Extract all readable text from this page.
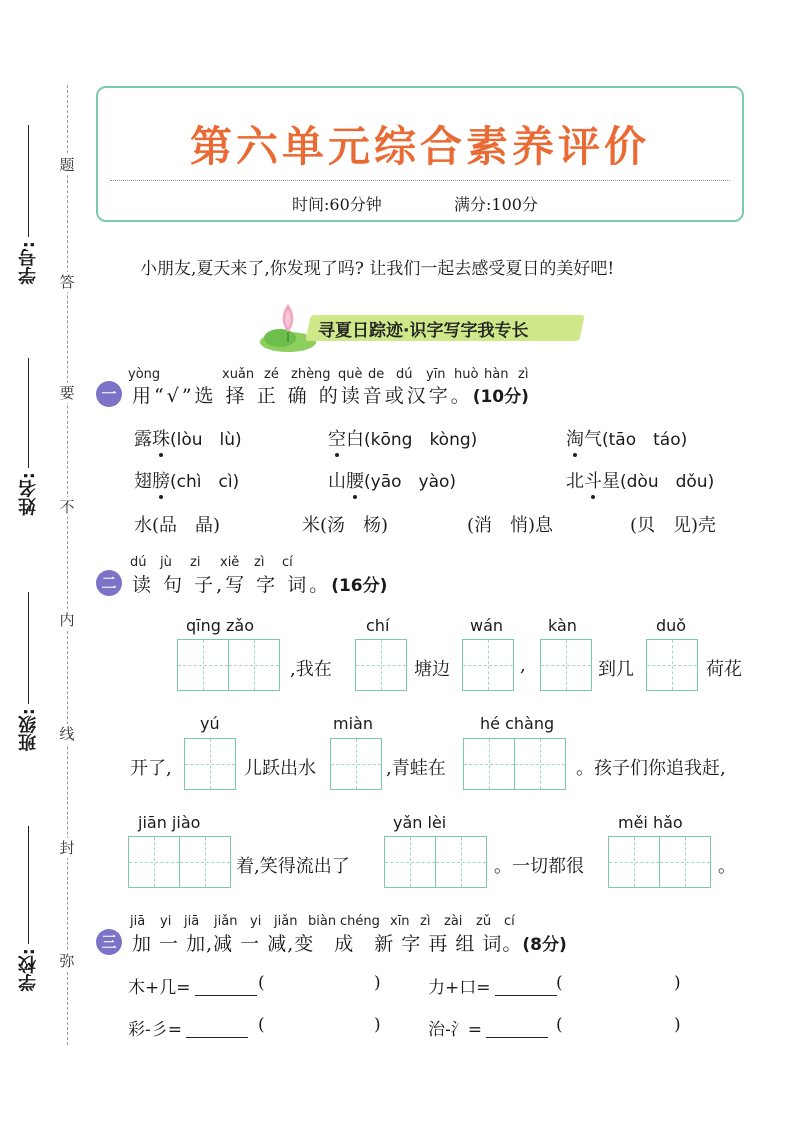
题
答
要
不
内
线
封
弥
学号:
姓名:
班级:
学校:
第六单元综合素养评价
时间:60分钟	满分:100分
小朋友,夏天来了,你发现了吗? 让我们一起去感受夏日的美好吧!
寻夏日踪迹·识字写字我专长
yòng	xuǎn zé zhèng què de dú yīn huò hàn zì
一 用“√”选 择 正 确 的读音或汉字。(10分)
露珠(lòu　lù)	空白(kōng　kòng)	淘气(tāo　táo)
翅膀(chì　cì)	山腰(yāo　yào)	北斗星(dòu　dǒu)
水(品　晶)	米(汤　杨)	(消　悄)息	(贝　见)壳
dú jù zi xiě zì cí
二 读 句 子,写 字 词。(16分)
qīng zǎo	chí	wán	kàn	duǒ
,我在	塘边	,	到几	荷花
yú	miàn	hé chàng
开了,	儿跃出水	,青蛙在	。孩子们你追我赶,
jiān jiào	yǎn lèi	měi hǎo
着,笑得流出了	。一切都很	。
jiā yi jiā jiǎn yi jiǎn biàn chéng xīn zì zài zǔ cí
三 加 一 加,减 一 减,变　成　新 字 再 组 词。(8分)
木+几=	(	)	力+口=	(	)
彩-彡=	(	)	治-氵=	(	)
